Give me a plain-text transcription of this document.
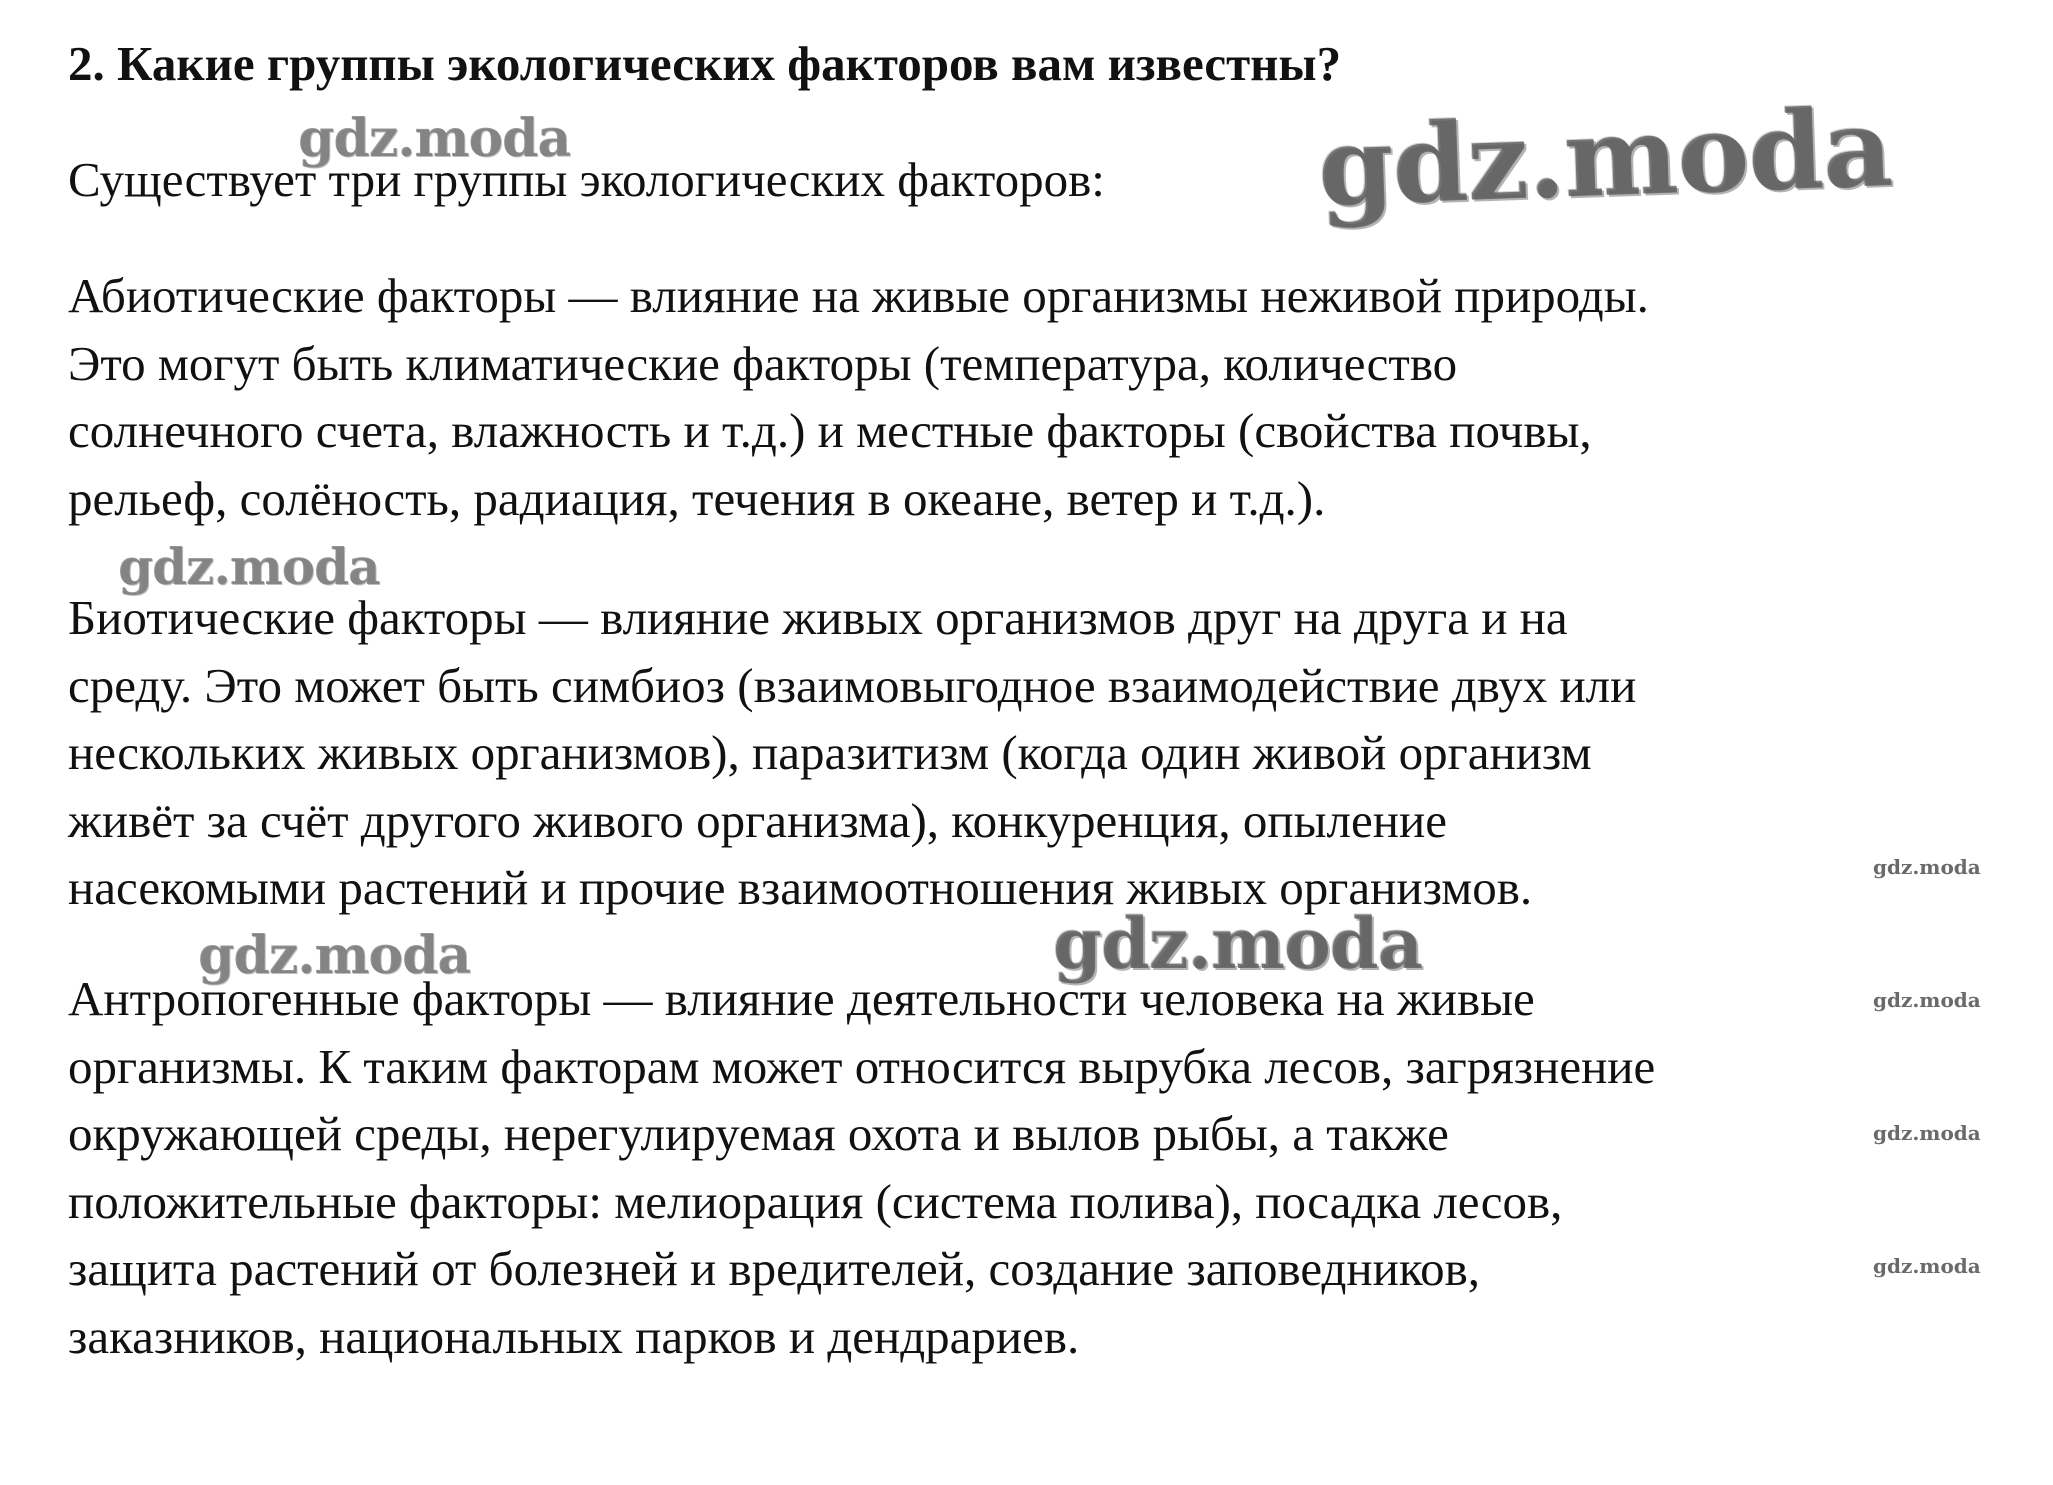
2. Какие группы экологических факторов вам известны?

Существует три группы экологических факторов:

Абиотические факторы — влияние на живые организмы неживой природы.
Это могут быть климатические факторы (температура, количество
солнечного счета, влажность и т.д.) и местные факторы (свойства почвы,
рельеф, солёность, радиация, течения в океане, ветер и т.д.).
Биотические факторы — влияние живых организмов друг на друга и на
среду. Это может быть симбиоз (взаимовыгодное взаимодействие двух или
нескольких живых организмов), паразитизм (когда один живой организм
живёт за счёт другого живого организма), конкуренция, опыление
насекомыми растений и прочие взаимоотношения живых организмов.
Антропогенные факторы — влияние деятельности человека на живые
организмы. К таким факторам может относится вырубка лесов, загрязнение
окружающей среды, нерегулируемая охота и вылов рыбы, а также
положительные факторы: мелиорация (система полива), посадка лесов,
защита растений от болезней и вредителей, создание заповедников,
заказников, национальных парков и дендрариев.
gdz.moda	gdz.moda
gdz.moda
gdz.moda	gdz.moda
gdz.moda
gdz.moda
gdz.moda
gdz.moda
